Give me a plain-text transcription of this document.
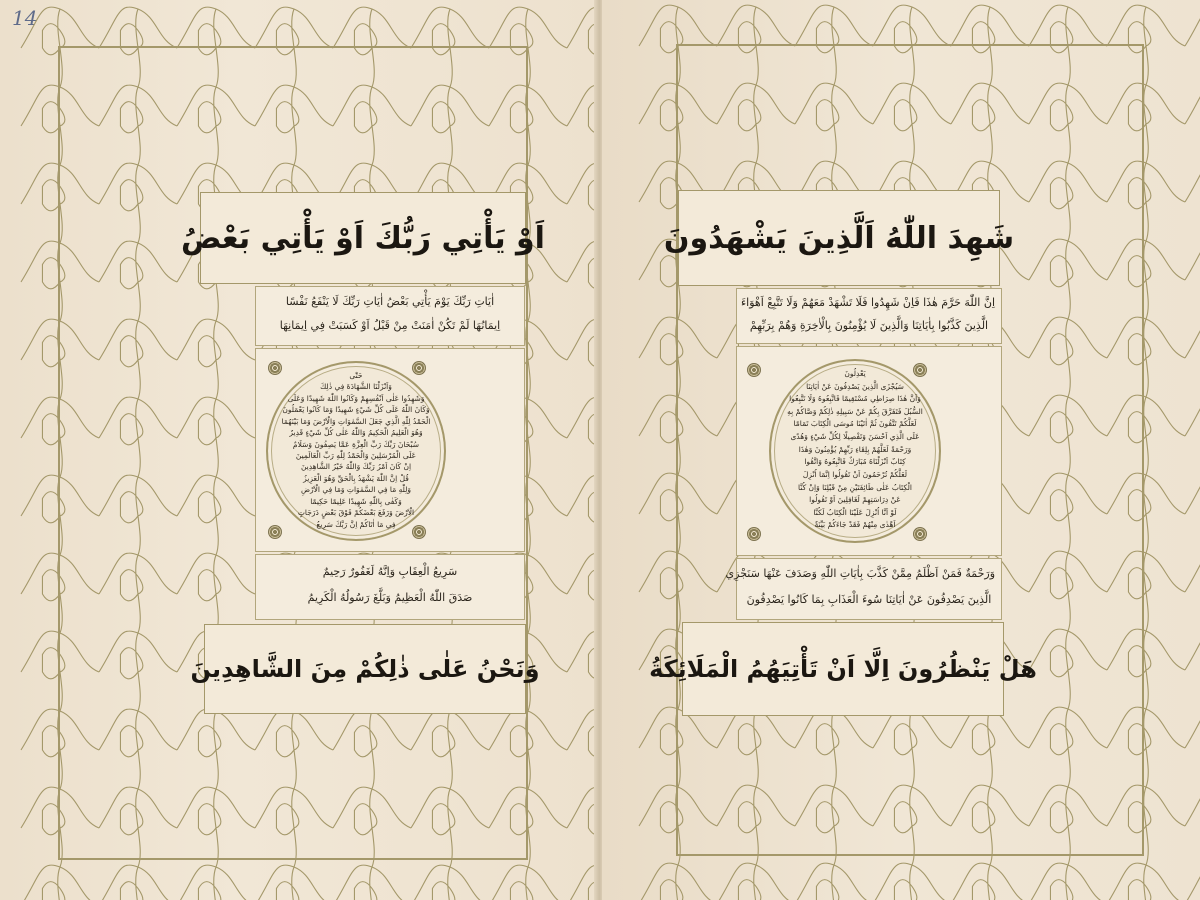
14
اَوْ يَأْتِي رَبُّكَ اَوْ يَأْتِي بَعْضُ
اٰيَاتِ رَبِّكَ يَوْمَ يَأْتِي بَعْضُ اٰيَاتِ رَبِّكَ لَا يَنْفَعُ نَفْسًا
اِيمَانُهَا لَمْ تَكُنْ اٰمَنَتْ مِنْ قَبْلُ اَوْ كَسَبَتْ فِي اِيمَانِهَا
حَتّٰى
وَاَنْزَلْنَا الشَّهَادَةَ فِي ذٰلِكَ
وَشَهِدُوا عَلٰى اَنْفُسِهِمْ وَكَانُوا اللّٰهَ شَهِيدًا وَعَلَى
وَكَانَ اللّٰهُ عَلَى كُلِّ شَيْءٍ شَهِيدًا وَمَا كَانُوا يَعْمَلُونَ
الْحَمْدُ لِلّٰهِ الَّذِي جَعَلَ السَّمٰوَاتِ وَالْاَرْضَ وَمَا بَيْنَهُمَا
وَهُوَ الْعَلِيمُ الْحَكِيمُ وَاللّٰهُ عَلٰى كُلِّ شَيْءٍ قَدِيرٌ
سُبْحَانَ رَبِّكَ رَبِّ الْعِزَّةِ عَمَّا يَصِفُونَ وَسَلَامٌ
عَلَى الْمُرْسَلِينَ وَالْحَمْدُ لِلّٰهِ رَبِّ الْعَالَمِينَ
اِنْ كَانَ اَمْرُ رَبِّكَ وَاللّٰهُ خَيْرُ الشَّاهِدِينَ
قُلْ اِنَّ اللّٰهَ يَشْهَدُ بِالْحَقِّ وَهُوَ الْعَزِيزُ
وَلِلّٰهِ مَا فِي السَّمٰوَاتِ وَمَا فِي الْاَرْضِ
وَكَفٰى بِاللّٰهِ شَهِيدًا عَلِيمًا حَكِيمًا
الْاَرْضَ وَرَفَعَ بَعْضَكُمْ فَوْقَ بَعْضٍ دَرَجَاتٍ
فِي مَا اٰتَاكُمْ اِنَّ رَبَّكَ سَرِيعُ
سَرِيعُ الْعِقَابِ وَاِنَّهُ لَغَفُورٌ رَحِيمٌ
صَدَقَ اللّٰهُ الْعَظِيمُ وَبَلَّغَ رَسُولُهُ الْكَرِيمُ
وَنَحْنُ عَلٰى ذٰلِكُمْ مِنَ الشَّاهِدِينَ
شَهِدَ اللّٰهُ اَلَّذِينَ يَشْهَدُونَ
اِنَّ اللّٰهَ حَرَّمَ هٰذَا فَاِنْ شَهِدُوا فَلَا تَشْهَدْ مَعَهُمْ وَلَا تَتَّبِعْ اَهْوَاءَ
الَّذِينَ كَذَّبُوا بِاٰيَاتِنَا وَالَّذِينَ لَا يُؤْمِنُونَ بِالْاٰخِرَةِ وَهُمْ بِرَبِّهِمْ
يَعْدِلُونَ
سَيُجْزَى الَّذِينَ يَصْدِفُونَ عَنْ اٰيَاتِنَا
وَاَنَّ هٰذَا صِرَاطِي مُسْتَقِيمًا فَاتَّبِعُوهُ وَلَا تَتَّبِعُوا
السُّبُلَ فَتَفَرَّقَ بِكُمْ عَنْ سَبِيلِهِ ذٰلِكُمْ وَصَّاكُمْ بِهِ
لَعَلَّكُمْ تَتَّقُونَ ثُمَّ اٰتَيْنَا مُوسَى الْكِتَابَ تَمَامًا
عَلَى الَّذِي اَحْسَنَ وَتَفْصِيلًا لِكُلِّ شَيْءٍ وَهُدًى
وَرَحْمَةً لَعَلَّهُمْ بِلِقَاءِ رَبِّهِمْ يُؤْمِنُونَ وَهٰذَا
كِتَابٌ اَنْزَلْنَاهُ مُبَارَكٌ فَاتَّبِعُوهُ وَاتَّقُوا
لَعَلَّكُمْ تُرْحَمُونَ اَنْ تَقُولُوا اِنَّمَا اُنْزِلَ
الْكِتَابُ عَلٰى طَائِفَتَيْنِ مِنْ قَبْلِنَا وَاِنْ كُنَّا
عَنْ دِرَاسَتِهِمْ لَغَافِلِينَ اَوْ تَقُولُوا
لَوْ اَنَّا اُنْزِلَ عَلَيْنَا الْكِتَابُ لَكُنَّا
اَهْدٰى مِنْهُمْ فَقَدْ جَاءَكُمْ بَيِّنَةٌ
وَرَحْمَةٌ فَمَنْ اَظْلَمُ مِمَّنْ كَذَّبَ بِاٰيَاتِ اللّٰهِ وَصَدَفَ عَنْهَا سَنَجْزِي
الَّذِينَ يَصْدِفُونَ عَنْ اٰيَاتِنَا سُوءَ الْعَذَابِ بِمَا كَانُوا يَصْدِفُونَ
هَلْ يَنْظُرُونَ اِلَّا اَنْ تَأْتِيَهُمُ الْمَلَائِكَةُ
